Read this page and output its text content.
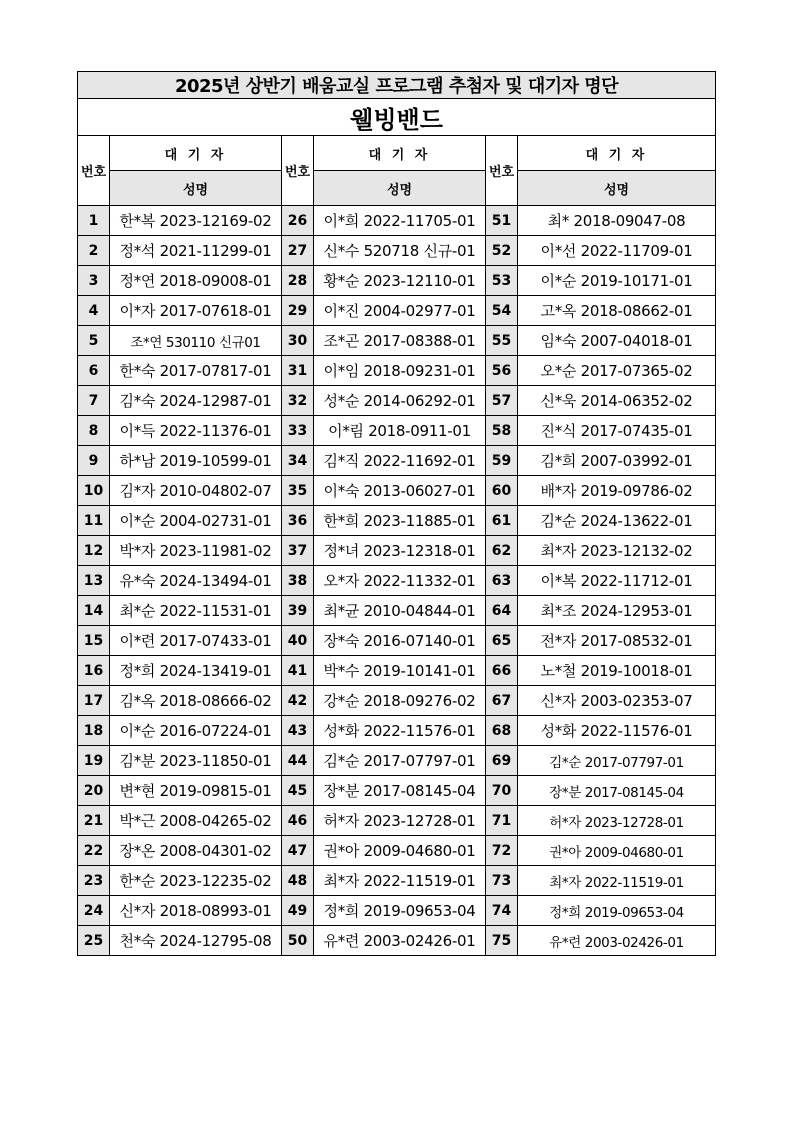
2025년 상반기 배움교실 프로그램 추첨자 및 대기자 명단					
웰빙밴드					
번호	대 기 자	번호	대 기 자	번호	대 기 자
	성명		성명		성명
1	한*복 2023-12169-02	26	이*희 2022-11705-01	51	최* 2018-09047-08
2	정*석 2021-11299-01	27	신*수 520718 신규-01	52	이*선 2022-11709-01
3	정*연 2018-09008-01	28	황*순 2023-12110-01	53	이*순 2019-10171-01
4	이*자 2017-07618-01	29	이*진 2004-02977-01	54	고*옥 2018-08662-01
5	조*연 530110 신규01	30	조*곤 2017-08388-01	55	임*숙 2007-04018-01
6	한*숙 2017-07817-01	31	이*임 2018-09231-01	56	오*순 2017-07365-02
7	김*숙 2024-12987-01	32	성*순 2014-06292-01	57	신*욱 2014-06352-02
8	이*득 2022-11376-01	33	이*림 2018-0911-01	58	진*식 2017-07435-01
9	하*남 2019-10599-01	34	김*직 2022-11692-01	59	김*희 2007-03992-01
10	김*자 2010-04802-07	35	이*숙 2013-06027-01	60	배*자 2019-09786-02
11	이*순 2004-02731-01	36	한*희 2023-11885-01	61	김*순 2024-13622-01
12	박*자 2023-11981-02	37	정*녀 2023-12318-01	62	최*자 2023-12132-02
13	유*숙 2024-13494-01	38	오*자 2022-11332-01	63	이*복 2022-11712-01
14	최*순 2022-11531-01	39	최*균 2010-04844-01	64	최*조 2024-12953-01
15	이*련 2017-07433-01	40	장*숙 2016-07140-01	65	전*자 2017-08532-01
16	정*희 2024-13419-01	41	박*수 2019-10141-01	66	노*철 2019-10018-01
17	김*옥 2018-08666-02	42	강*순 2018-09276-02	67	신*자 2003-02353-07
18	이*순 2016-07224-01	43	성*화 2022-11576-01	68	성*화 2022-11576-01
19	김*분 2023-11850-01	44	김*순 2017-07797-01	69	김*순 2017-07797-01
20	변*현 2019-09815-01	45	장*분 2017-08145-04	70	장*분 2017-08145-04
21	박*근 2008-04265-02	46	허*자 2023-12728-01	71	허*자 2023-12728-01
22	장*온 2008-04301-02	47	권*아 2009-04680-01	72	권*아 2009-04680-01
23	한*순 2023-12235-02	48	최*자 2022-11519-01	73	최*자 2022-11519-01
24	신*자 2018-08993-01	49	정*희 2019-09653-04	74	정*희 2019-09653-04
25	천*숙 2024-12795-08	50	유*련 2003-02426-01	75	유*련 2003-02426-01
